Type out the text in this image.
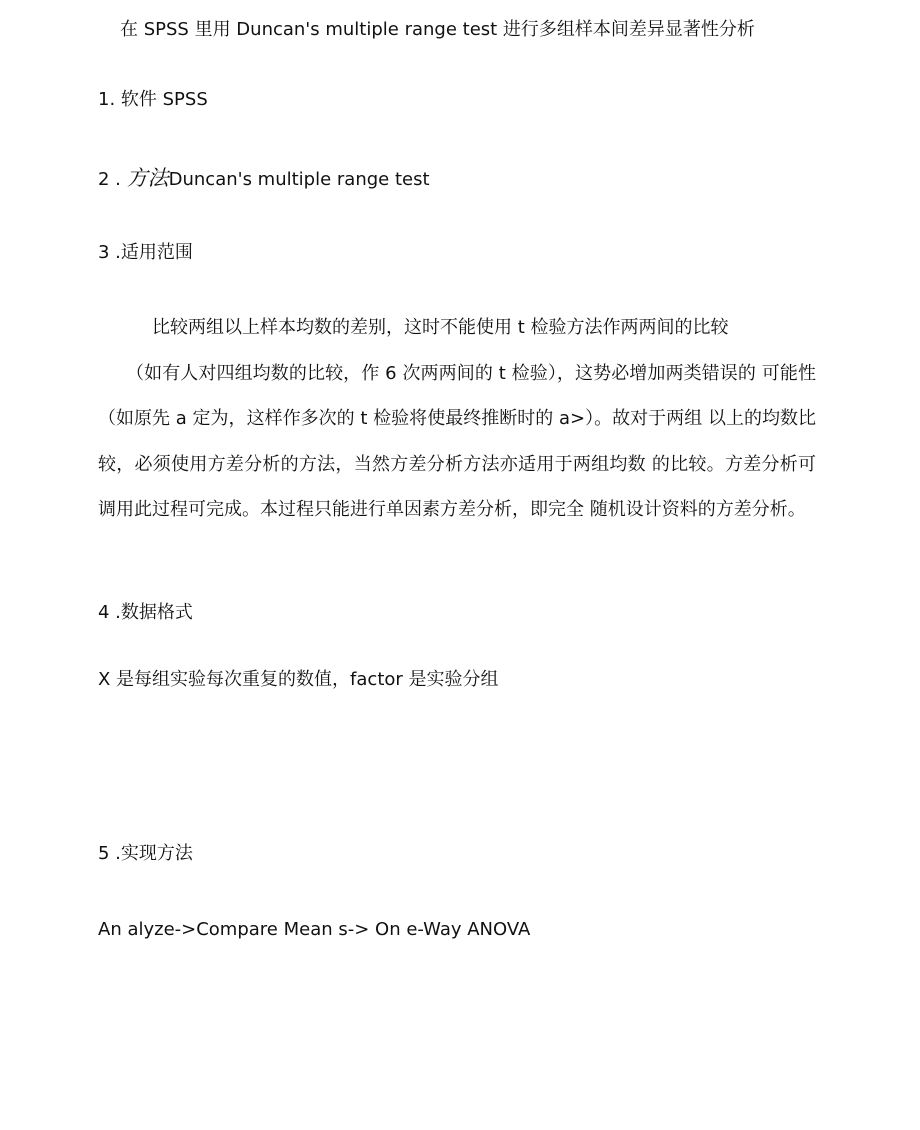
在 SPSS 里用 Duncan's multiple range test 进行多组样本间差异显著性分析
1. 软件 SPSS
2 . 方法Duncan's multiple range test
3 .适用范围
比较两组以上样本均数的差别，这时不能使用 t 检验方法作两两间的比较
（如有人对四组均数的比较，作 6 次两两间的 t 检验），这势必增加两类错误的 可能性（如原先 a 定为，这样作多次的 t 检验将使最终推断时的 a>）。故对于两组 以上的均数比较，必须使用方差分析的方法，当然方差分析方法亦适用于两组均数 的比较。方差分析可调用此过程可完成。本过程只能进行单因素方差分析，即完全 随机设计资料的方差分析。
4 .数据格式
X 是每组实验每次重复的数值，factor 是实验分组
5 .实现方法
An alyze->Compare Mean s-> On e-Way ANOVA
